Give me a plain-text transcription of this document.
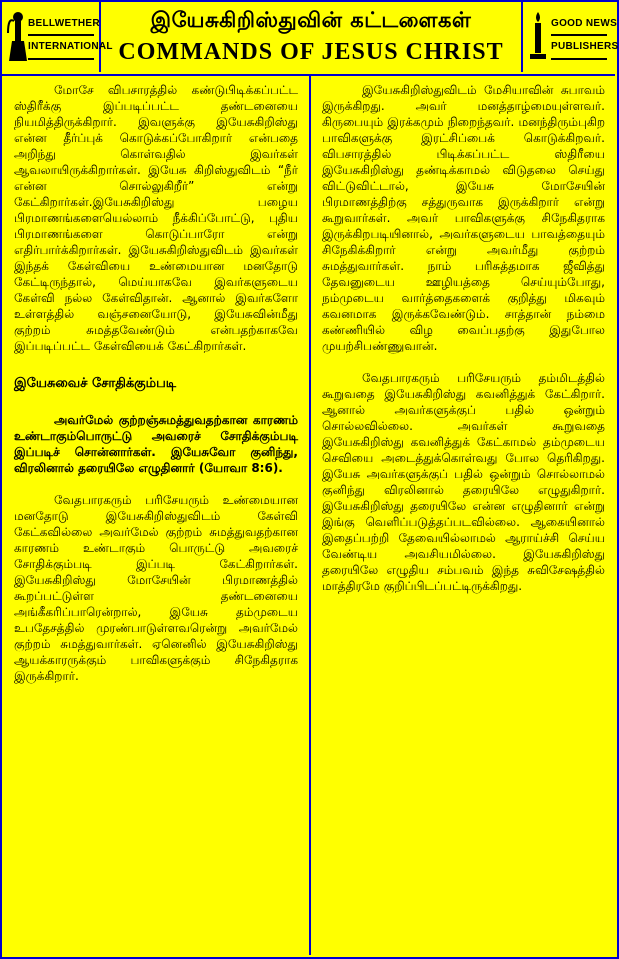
BELLWETHER
INTERNATIONAL
இயேசுகிறிஸ்துவின் கட்டளைகள்
COMMANDS OF JESUS CHRIST
GOOD NEWS
PUBLISHERS

மோசே விபசாரத்தில் கண்டுபிடிக்கப்பட்ட ஸ்திரீக்கு இப்படிப்பட்ட தண்டனையை நியமித்திருக்கிறார். இவளுக்கு இயேசுகிறிஸ்து என்ன தீர்ப்புக் கொடுக்கப்போகிறார் என்பதை அறிந்து கொள்வதில் இவர்கள் ஆவலாயிருக்கிறார்கள். இயேசு கிறிஸ்துவிடம் “நீர் என்ன சொல்லுகிறீர்” என்று கேட்கிறார்கள்.இயேசுகிறிஸ்து பழைய பிரமாணங்களையெல்லாம் நீக்கிப்போட்டு, புதிய பிரமாணங்களை கொடுப்பாரோ என்று எதிர்பார்க்கிறார்கள். இயேசுகிறிஸ்துவிடம் இவர்கள் இந்தக் கேள்வியை உண்மையான மனதோடு கேட்டிருந்தால், மெய்யாகவே இவர்களுடைய கேள்வி நல்ல கேள்விதான். ஆனால் இவர்களோ உள்ளத்தில் வஞ்சனையோடு, இயேசுவின்மீது குற்றம் சுமத்தவேண்டும் என்பதற்காகவே இப்படிப்பட்ட கேள்வியைக் கேட்கிறார்கள்.

இயேசுவைச் சோதிக்கும்படி

அவர்மேல் குற்றஞ்சுமத்துவதற்கான காரணம் உண்டாகும்பொருட்டு அவரைச் சோதிக்கும்படி இப்படிச் சொன்னார்கள். இயேசுவோ குனிந்து, விரலினால் தரையிலே எழுதினார் (யோவா 8:6).

வேதபாரகரும் பரிசேயரும் உண்மையான மனதோடு இயேசுகிறிஸ்துவிடம் கேள்வி கேட்கவில்லை அவர்மேல் குற்றம் சுமத்துவதற்கான காரணம் உண்டாகும் பொருட்டு அவரைச் சோதிக்கும்படி இப்படி கேட்கிறார்கள். இயேசுகிறிஸ்து மோசேயின் பிரமாணத்தில் கூறப்பட்டுள்ள தண்டனையை அங்கீகரிப்பாரென்றால், இயேசு தம்முடைய உபதேசத்தில் முரண்பாடுள்ளவரென்று அவர்மேல் குற்றம் சுமத்துவார்கள். ஏனெனில் இயேசுகிறிஸ்து ஆயக்காரருக்கும் பாவிகளுக்கும் சிநேகிதராக இருக்கிறார்.

இயேசுகிறிஸ்துவிடம் மேசியாவின் சுபாவம் இருக்கிறது. அவர் மனத்தாழ்மையுள்ளவர். கிருபையும் இரக்கமும் நிறைந்தவர். மனந்திரும்புகிற பாவிகளுக்கு இரட்சிப்பைக் கொடுக்கிறவர். விபசாரத்தில் பிடிக்கப்பட்ட ஸ்திரீயை இயேசுகிறிஸ்து தண்டிக்காமல் விடுதலை செய்து விட்டுவிட்டால், இயேசு மோசேயின் பிரமாணத்திற்கு சத்துருவாக இருக்கிறார் என்று கூறுவார்கள். அவர் பாவிகளுக்கு சிநேகிதராக இருக்கிறபடியினால், அவர்களுடைய பாவத்தையும் சிநேகிக்கிறார் என்று அவர்மீது குற்றம் சுமத்துவார்கள். நாம் பரிசுத்தமாக ஜீவித்து தேவனுடைய ஊழியத்தை செய்யும்போது, நம்முடைய வார்த்தைகளைக் குறித்து மிகவும் கவனமாக இருக்கவேண்டும். சாத்தான் நம்மை கண்ணியில் விழ வைப்பதற்கு இதுபோல முயற்சிபண்ணுவான்.

வேதபாரகரும் பரிசேயரும் தம்மிடத்தில் கூறுவதை இயேசுகிறிஸ்து கவனித்துக் கேட்கிறார். ஆனால் அவர்களுக்குப் பதில் ஒன்றும் சொல்லவில்லை. அவர்கள் கூறுவதை இயேசுகிறிஸ்து கவனித்துக் கேட்காமல் தம்முடைய செவியை அடைத்துக்கொள்வது போல தெரிகிறது. இயேசு அவர்களுக்குப் பதில் ஒன்றும் சொல்லாமல் குனிந்து விரலினால் தரையிலே எழுதுகிறார். இயேசுகிறிஸ்து தரையிலே என்ன எழுதினார் என்று இங்கு வெளிப்படுத்தப்படவில்லை. ஆகையினால் இதைப்பற்றி தேவையில்லாமல் ஆராய்ச்சி செய்ய வேண்டிய அவசியமில்லை. இயேசுகிறிஸ்து தரையிலே எழுதிய சம்பவம் இந்த சுவிசேஷத்தில் மாத்திரமே குறிப்பிடப்பட்டிருக்கிறது.
